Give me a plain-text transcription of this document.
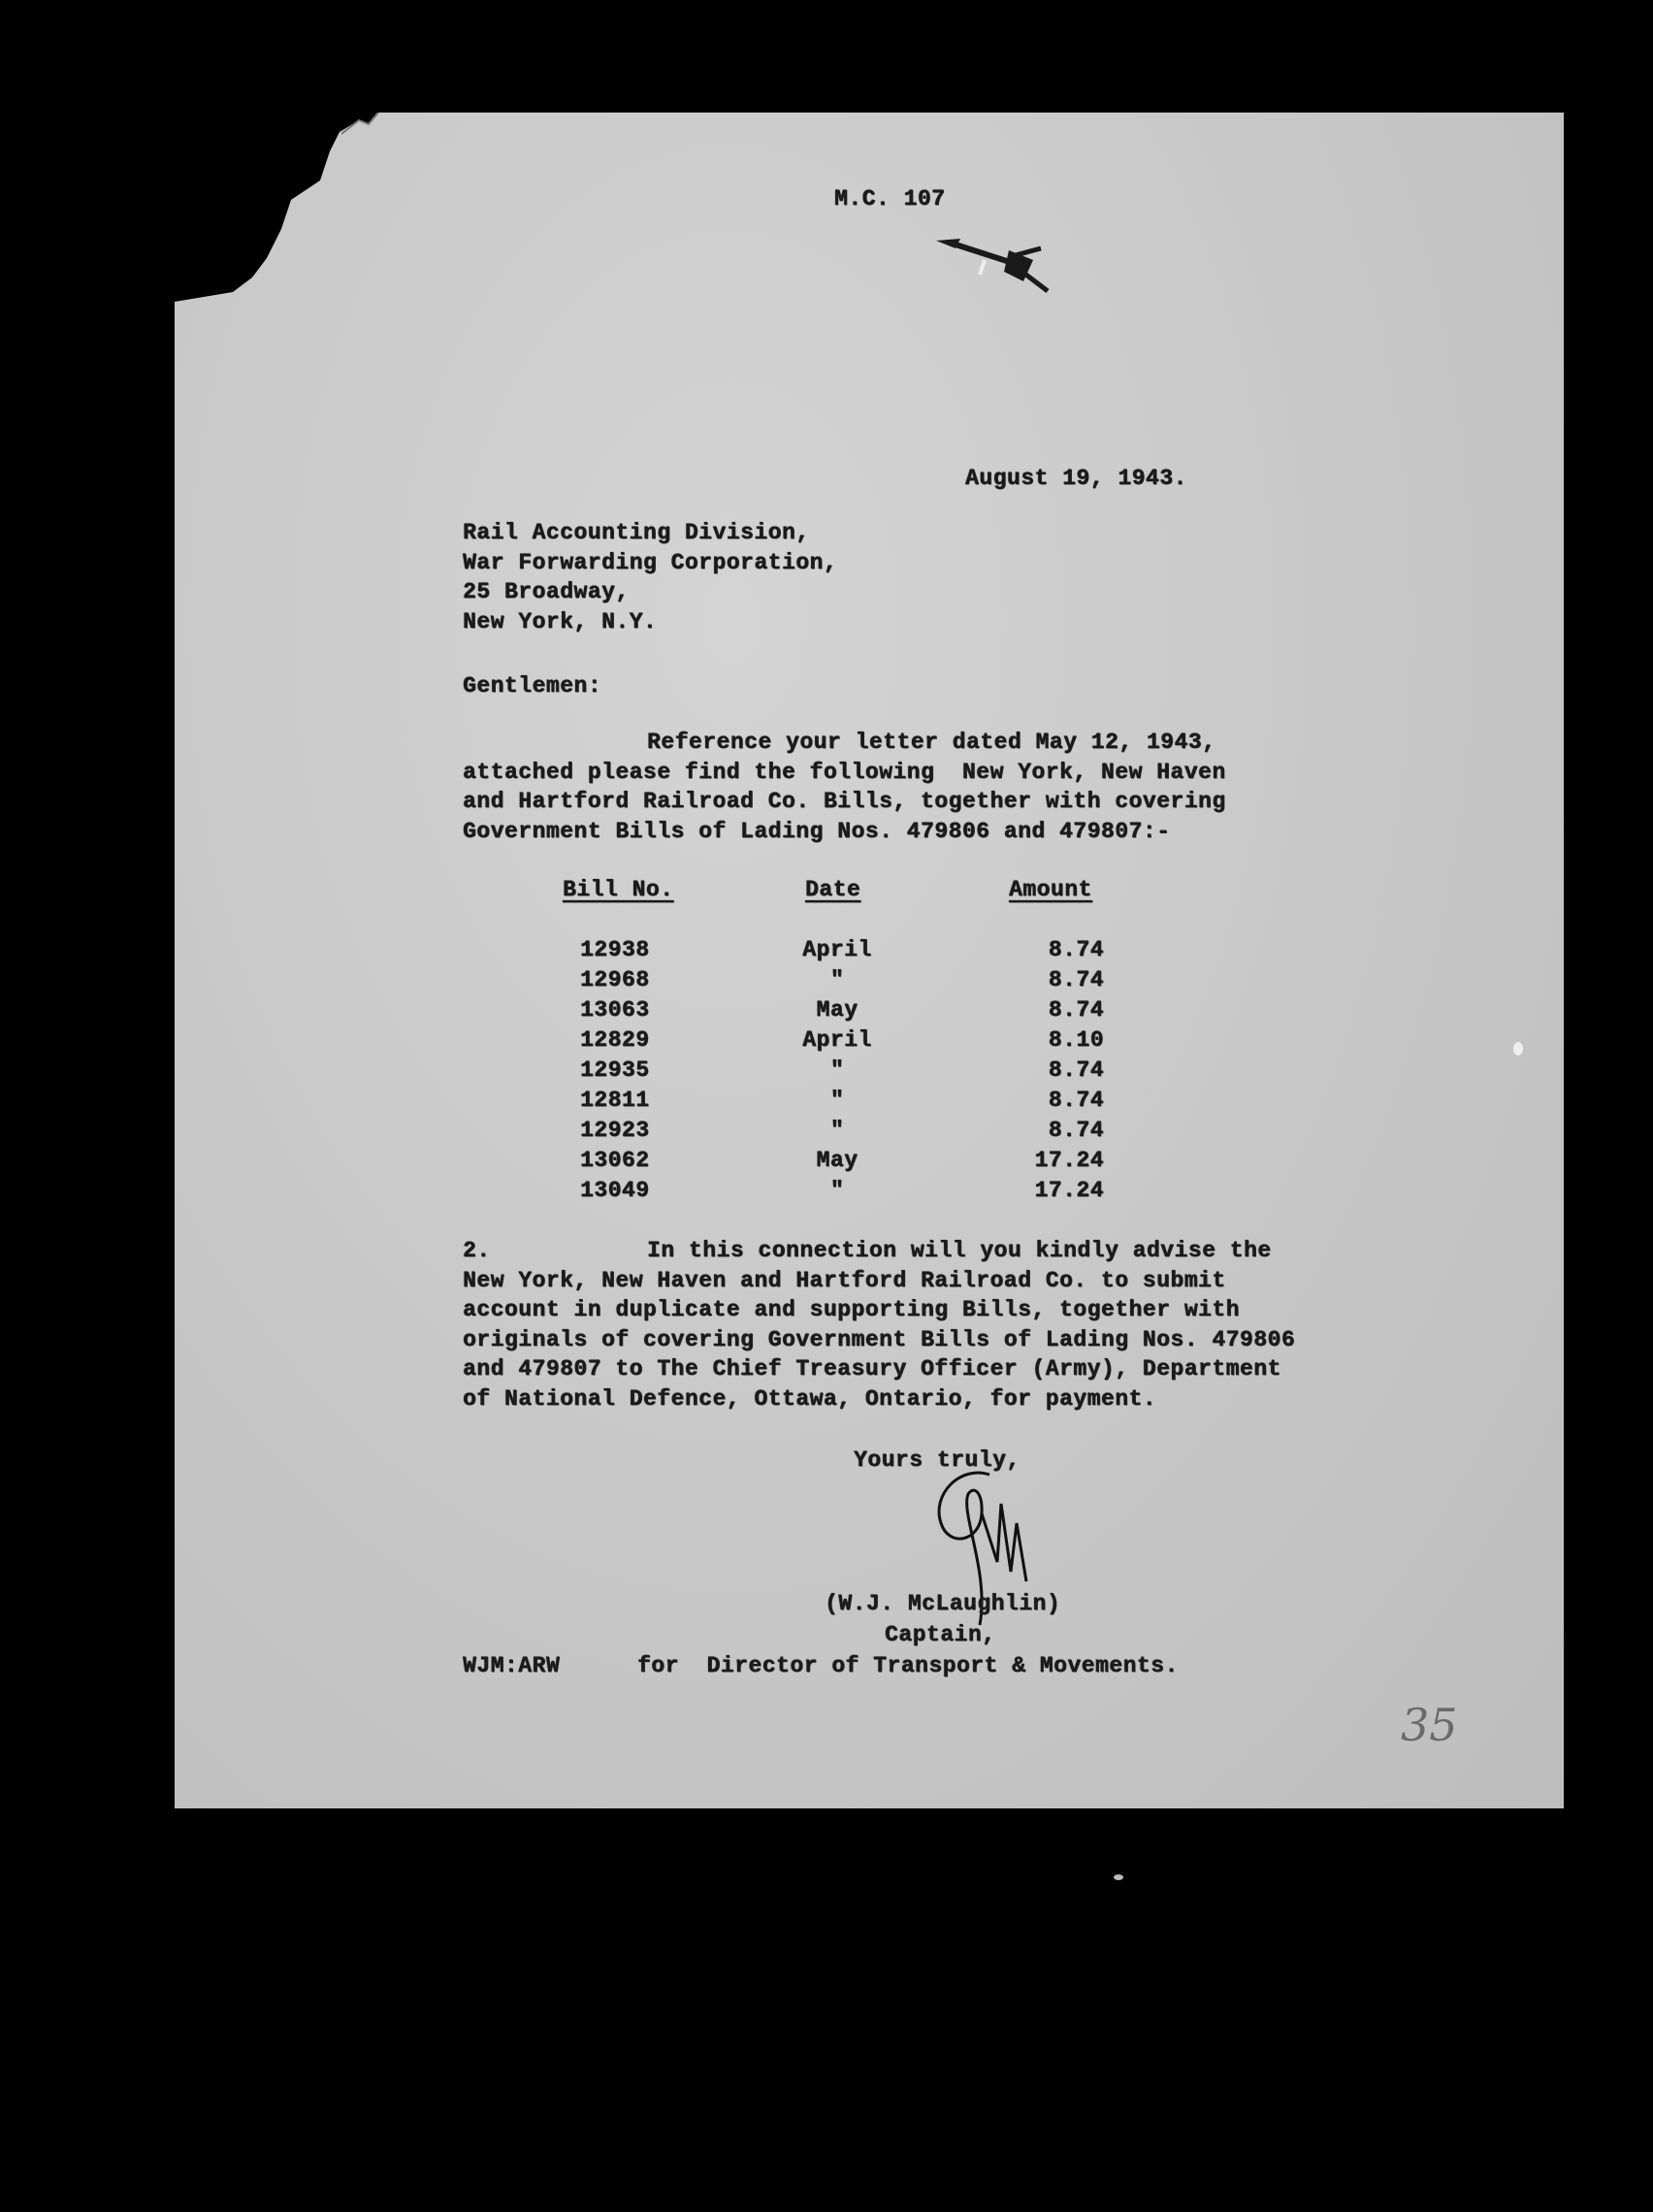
M.C. 107
August 19, 1943.
Rail Accounting Division,
War Forwarding Corporation,
25 Broadway,
New York, N.Y.
Gentlemen:
Reference your letter dated May 12, 1943,
attached please find the following  New York, New Haven
and Hartford Railroad Co. Bills, together with covering
Government Bills of Lading Nos. 479806 and 479807:-
Bill No.	Date	Amount
12938	April	8.74
12968	"	8.74
13063	May	8.74
12829	April	8.10
12935	"	8.74
12811	"	8.74
12923	"	8.74
13062	May	17.24
13049	"	17.24
2.	In this connection will you kindly advise the
New York, New Haven and Hartford Railroad Co. to submit
account in duplicate and supporting Bills, together with
originals of covering Government Bills of Lading Nos. 479806
and 479807 to The Chief Treasury Officer (Army), Department
of National Defence, Ottawa, Ontario, for payment.
Yours truly,
(W.J. McLaughlin)
Captain,
WJM:ARW	for  Director of Transport & Movements.
35
